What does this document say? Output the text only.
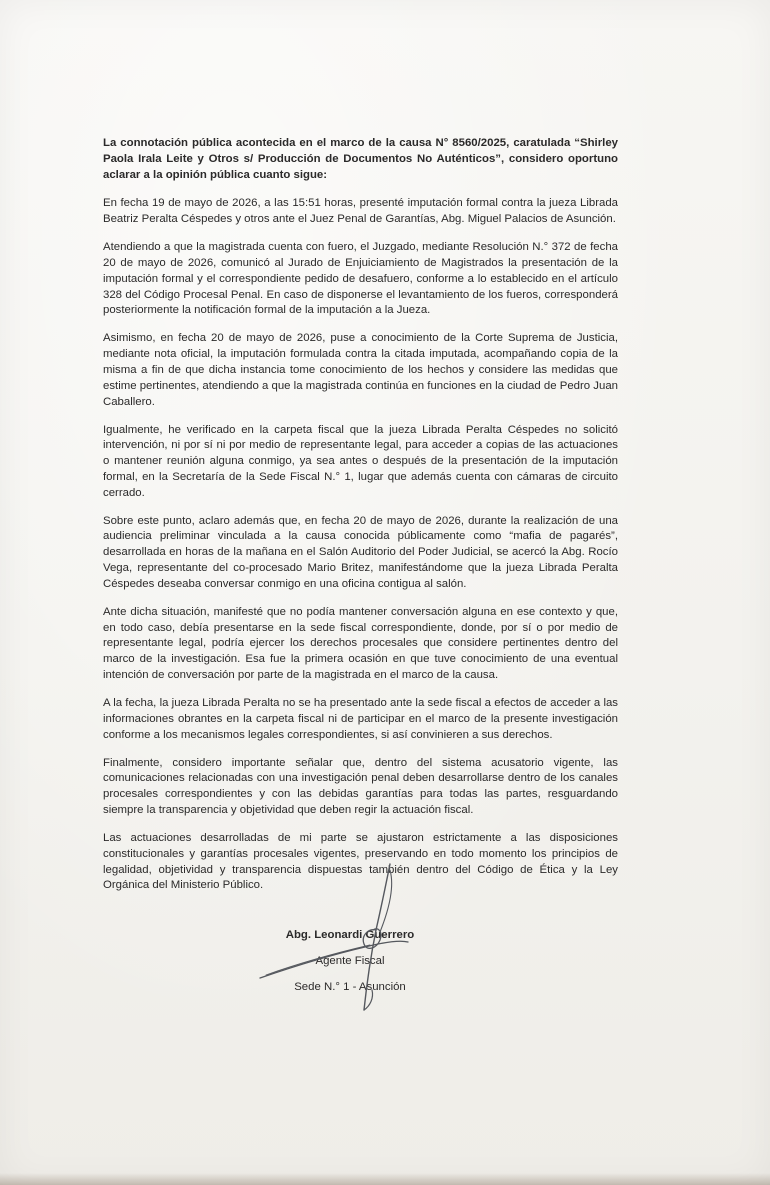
La connotación pública acontecida en el marco de la causa N° 8560/2025, caratulada “Shirley Paola Irala Leite y Otros s/ Producción de Documentos No Auténticos”, considero oportuno aclarar a la opinión pública cuanto sigue:

En fecha 19 de mayo de 2026, a las 15:51 horas, presenté imputación formal contra la jueza Librada Beatriz Peralta Céspedes y otros ante el Juez Penal de Garantías, Abg. Miguel Palacios de Asunción.

Atendiendo a que la magistrada cuenta con fuero, el Juzgado, mediante Resolución N.° 372 de fecha 20 de mayo de 2026, comunicó al Jurado de Enjuiciamiento de Magistrados la presentación de la imputación formal y el correspondiente pedido de desafuero, conforme a lo establecido en el artículo 328 del Código Procesal Penal. En caso de disponerse el levantamiento de los fueros, corresponderá posteriormente la notificación formal de la imputación a la Jueza.

Asimismo, en fecha 20 de mayo de 2026, puse a conocimiento de la Corte Suprema de Justicia, mediante nota oficial, la imputación formulada contra la citada imputada, acompañando copia de la misma a fin de que dicha instancia tome conocimiento de los hechos y considere las medidas que estime pertinentes, atendiendo a que la magistrada continúa en funciones en la ciudad de Pedro Juan Caballero.

Igualmente, he verificado en la carpeta fiscal que la jueza Librada Peralta Céspedes no solicitó intervención, ni por sí ni por medio de representante legal, para acceder a copias de las actuaciones o mantener reunión alguna conmigo, ya sea antes o después de la presentación de la imputación formal, en la Secretaría de la Sede Fiscal N.° 1, lugar que además cuenta con cámaras de circuito cerrado.

Sobre este punto, aclaro además que, en fecha 20 de mayo de 2026, durante la realización de una audiencia preliminar vinculada a la causa conocida públicamente como “mafia de pagarés”, desarrollada en horas de la mañana en el Salón Auditorio del Poder Judicial, se acercó la Abg. Rocío Vega, representante del co-procesado Mario Britez, manifestándome que la jueza Librada Peralta Céspedes deseaba conversar conmigo en una oficina contigua al salón.

Ante dicha situación, manifesté que no podía mantener conversación alguna en ese contexto y que, en todo caso, debía presentarse en la sede fiscal correspondiente, donde, por sí o por medio de representante legal, podría ejercer los derechos procesales que considere pertinentes dentro del marco de la investigación. Esa fue la primera ocasión en que tuve conocimiento de una eventual intención de conversación por parte de la magistrada en el marco de la causa.

A la fecha, la jueza Librada Peralta no se ha presentado ante la sede fiscal a efectos de acceder a las informaciones obrantes en la carpeta fiscal ni de participar en el marco de la presente investigación conforme a los mecanismos legales correspondientes, si así convinieren a sus derechos.

Finalmente, considero importante señalar que, dentro del sistema acusatorio vigente, las comunicaciones relacionadas con una investigación penal deben desarrollarse dentro de los canales procesales correspondientes y con las debidas garantías para todas las partes, resguardando siempre la transparencia y objetividad que deben regir la actuación fiscal.

Las actuaciones desarrolladas de mi parte se ajustaron estrictamente a las disposiciones constitucionales y garantías procesales vigentes, preservando en todo momento los principios de legalidad, objetividad y transparencia dispuestas también dentro del Código de Ética y la Ley Orgánica del Ministerio Público.

Abg. Leonardi Guerrero
Agente Fiscal
Sede N.° 1 - Asunción
